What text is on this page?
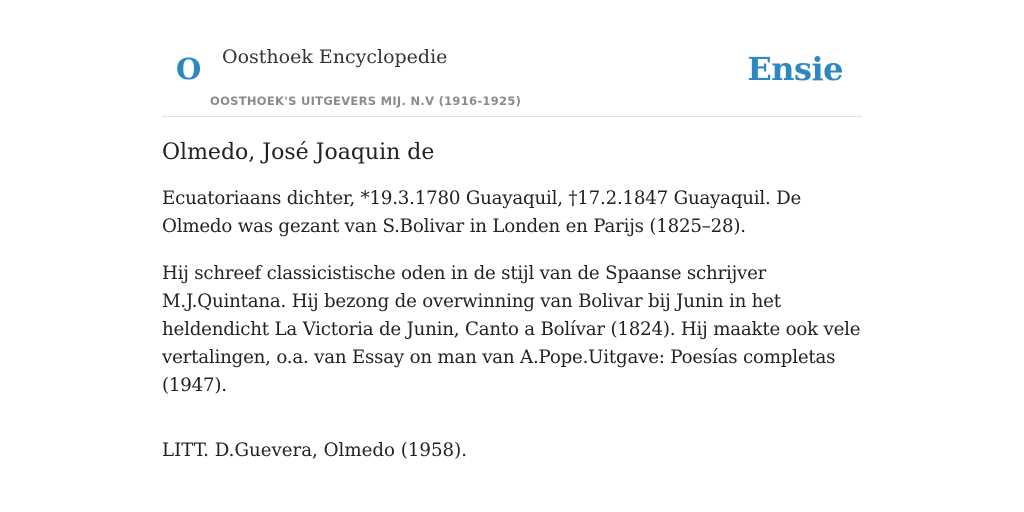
O Oosthoek Encyclopedie
OOSTHOEK'S UITGEVERS MIJ. N.V (1916-1925)
Ensie
Olmedo, José Joaquin de

Ecuatoriaans dichter, *19.3.1780 Guayaquil, †17.2.1847 Guayaquil. De Olmedo was gezant van S.Bolivar in Londen en Parijs (1825–28).

Hij schreef classicistische oden in de stijl van de Spaanse schrijver M.J.Quintana. Hij bezong de overwinning van Bolivar bij Junin in het heldendicht La Victoria de Junin, Canto a Bolívar (1824). Hij maakte ook vele vertalingen, o.a. van Essay on man van A.Pope.Uitgave: Poesías completas (1947).

LITT. D.Guevera, Olmedo (1958).
